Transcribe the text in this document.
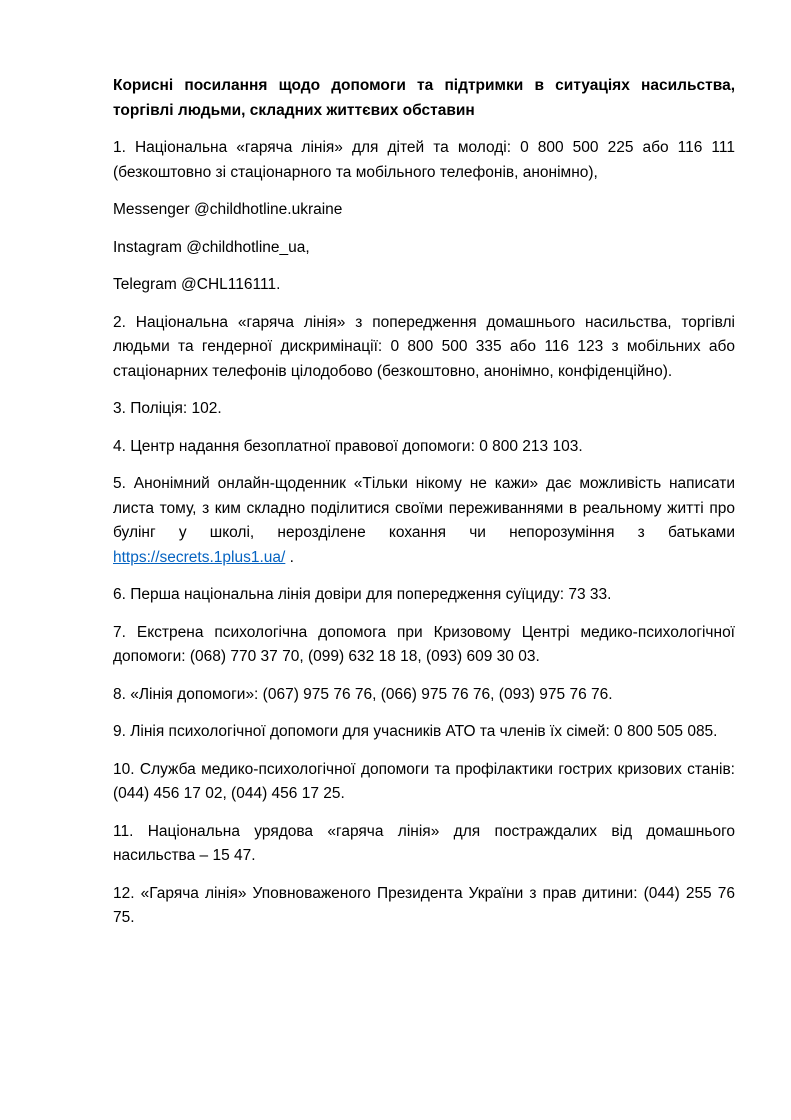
Корисні посилання щодо допомоги та підтримки в ситуаціях насильства, торгівлі людьми, складних життєвих обставин

1. Національна «гаряча лінія» для дітей та молоді: 0 800 500 225 або 116 111 (безкоштовно зі стаціонарного та мобільного телефонів, анонімно),

Messenger @childhotline.ukraine

Instagram @childhotline_ua,

Telegram @CHL116111.

2. Національна «гаряча лінія» з попередження домашнього насильства, торгівлі людьми та гендерної дискримінації: 0 800 500 335 або 116 123 з мобільних або стаціонарних телефонів цілодобово (безкоштовно, анонімно, конфіденційно).

3. Поліція: 102.

4. Центр надання безоплатної правової допомоги: 0 800 213 103.

5. Анонімний онлайн-щоденник «Тільки нікому не кажи» дає можливість написати листа тому, з ким складно поділитися своїми переживаннями в реальному житті про булінг у школі, нерозділене кохання чи непорозуміння з батьками https://secrets.1plus1.ua/ .

6. Перша національна лінія довіри для попередження суїциду: 73 33.

7. Екстрена психологічна допомога при Кризовому Центрі медико-психологічної допомоги: (068) 770 37 70, (099) 632 18 18, (093) 609 30 03.

8. «Лінія допомоги»: (067) 975 76 76, (066) 975 76 76, (093) 975 76 76.

9. Лінія психологічної допомоги для учасників АТО та членів їх сімей: 0 800 505 085.

10. Служба медико-психологічної допомоги та профілактики гострих кризових станів: (044) 456 17 02, (044) 456 17 25.

11. Національна урядова «гаряча лінія» для постраждалих від домашнього насильства – 15 47.

12. «Гаряча лінія» Уповноваженого Президента України з прав дитини: (044) 255 76 75.
